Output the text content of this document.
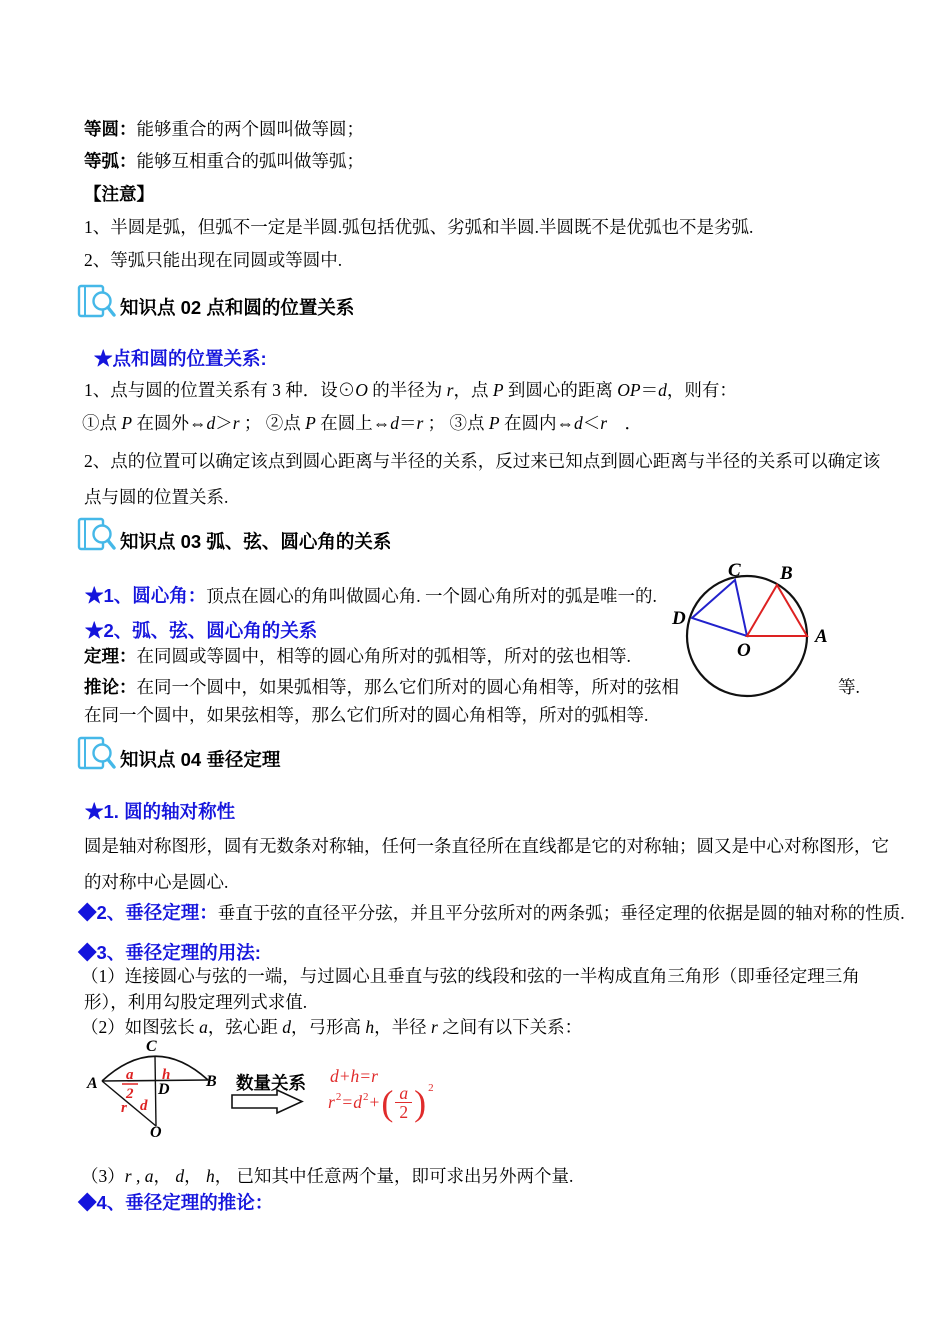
等圆：能够重合的两个圆叫做等圆；
等弧：能够互相重合的弧叫做等弧；
【注意】
1、半圆是弧，但弧不一定是半圆.弧包括优弧、劣弧和半圆.半圆既不是优弧也不是劣弧.
2、等弧只能出现在同圆或等圆中.
知识点 02 点和圆的位置关系
★点和圆的位置关系:
1、点与圆的位置关系有 3 种．设⊙O 的半径为 r，点 P 到圆心的距离 OP＝d，则有：
①点 P 在圆外⇔d＞r ； ②点 P 在圆上⇔d＝r ； ③点 P 在圆内⇔d＜r　．
2、点的位置可以确定该点到圆心距离与半径的关系，反过来已知点到圆心距离与半径的关系可以确定该
点与圆的位置关系.
知识点 03 弧、弦、圆心角的关系
★1、圆心角：顶点在圆心的角叫做圆心角. 一个圆心角所对的弧是唯一的.
★2、弧、弦、圆心角的关系
定理：在同圆或等圆中，相等的圆心角所对的弧相等，所对的弦也相等.
推论：在同一个圆中，如果弧相等，那么它们所对的圆心角相等，所对的弦相	等.
在同一个圆中，如果弦相等，那么它们所对的圆心角相等，所对的弧相等.
C B
D
A
O
知识点 04 垂径定理
★1. 圆的轴对称性
圆是轴对称图形，圆有无数条对称轴，任何一条直径所在直线都是它的对称轴；圆又是中心对称图形，它
的对称中心是圆心.
◆2、垂径定理：垂直于弦的直径平分弦，并且平分弦所对的两条弧；垂径定理的依据是圆的轴对称的性质.
◆3、垂径定理的用法:
（1）连接圆心与弦的一端，与过圆心且垂直与弦的线段和弦的一半构成直角三角形（即垂径定理三角
形），利用勾股定理列式求值.
（2）如图弦长 a，弦心距 d，弓形高 h，半径 r 之间有以下关系：
C
A	B
D
O
a
2
h
r d
数量关系 d+h=r
$r^2 = d^2$ + ( $\frac{a}{2}$ ) 2
（3）r , a， d， h， 已知其中任意两个量，即可求出另外两个量.
◆4、垂径定理的推论：
